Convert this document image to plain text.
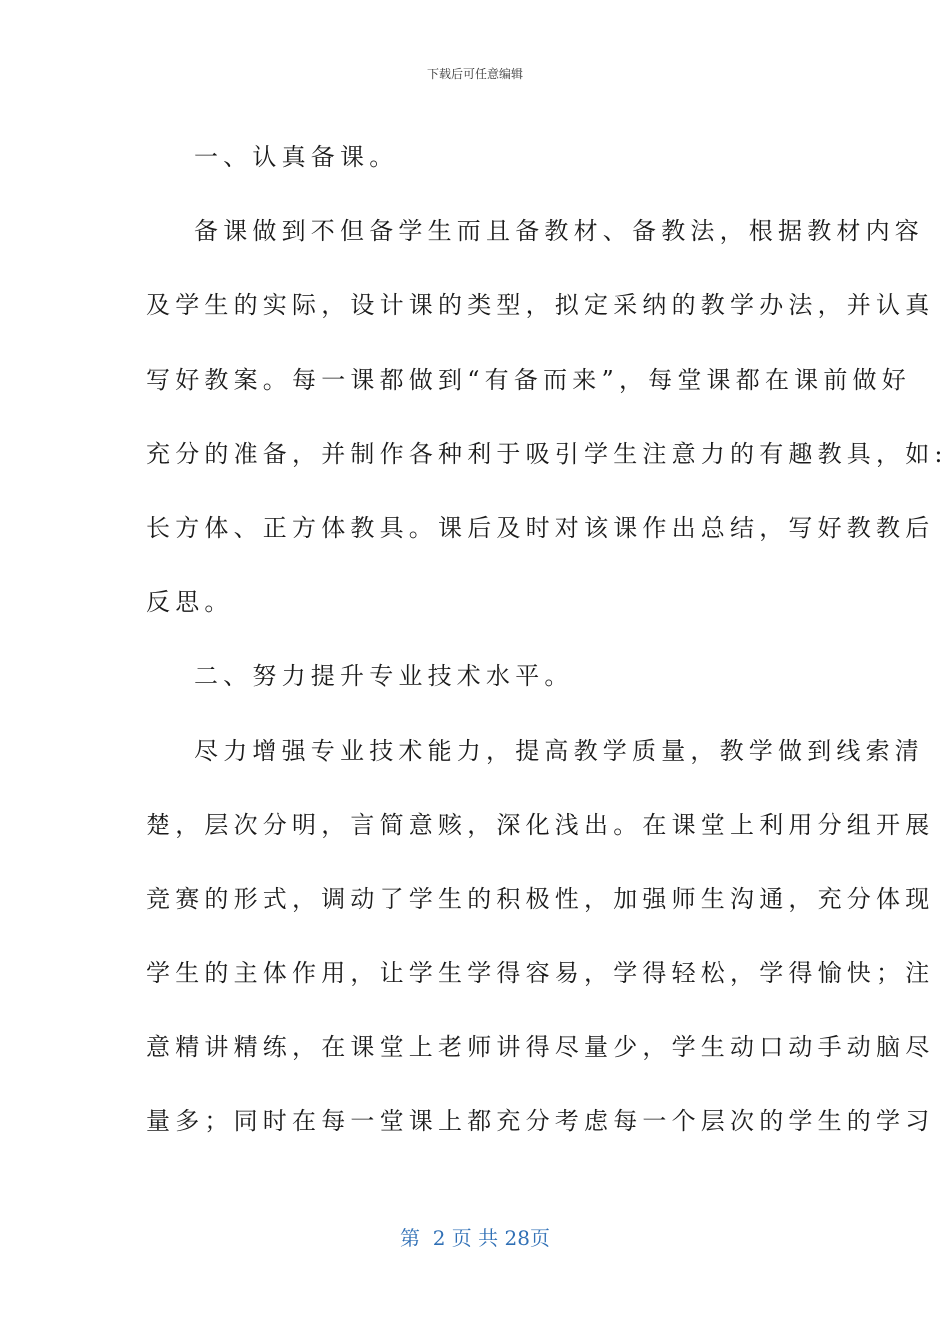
下载后可任意编辑
一、认真备课。
备课做到不但备学生而且备教材、备教法，根据教材内容
及学生的实际，设计课的类型，拟定采纳的教学办法，并认真
写好教案。每一课都做到“有备而来”，每堂课都在课前做好
充分的准备，并制作各种利于吸引学生注意力的有趣教具，如:
长方体、正方体教具。课后及时对该课作出总结，写好教教后
反思。
二、努力提升专业技术水平。
尽力增强专业技术能力，提高教学质量，教学做到线索清
楚，层次分明，言简意赅，深化浅出。在课堂上利用分组开展
竞赛的形式，调动了学生的积极性，加强师生沟通，充分体现
学生的主体作用，让学生学得容易，学得轻松，学得愉快；注
意精讲精练，在课堂上老师讲得尽量少，学生动口动手动脑尽
量多；同时在每一堂课上都充分考虑每一个层次的学生的学习
第  2 页 共 28页
